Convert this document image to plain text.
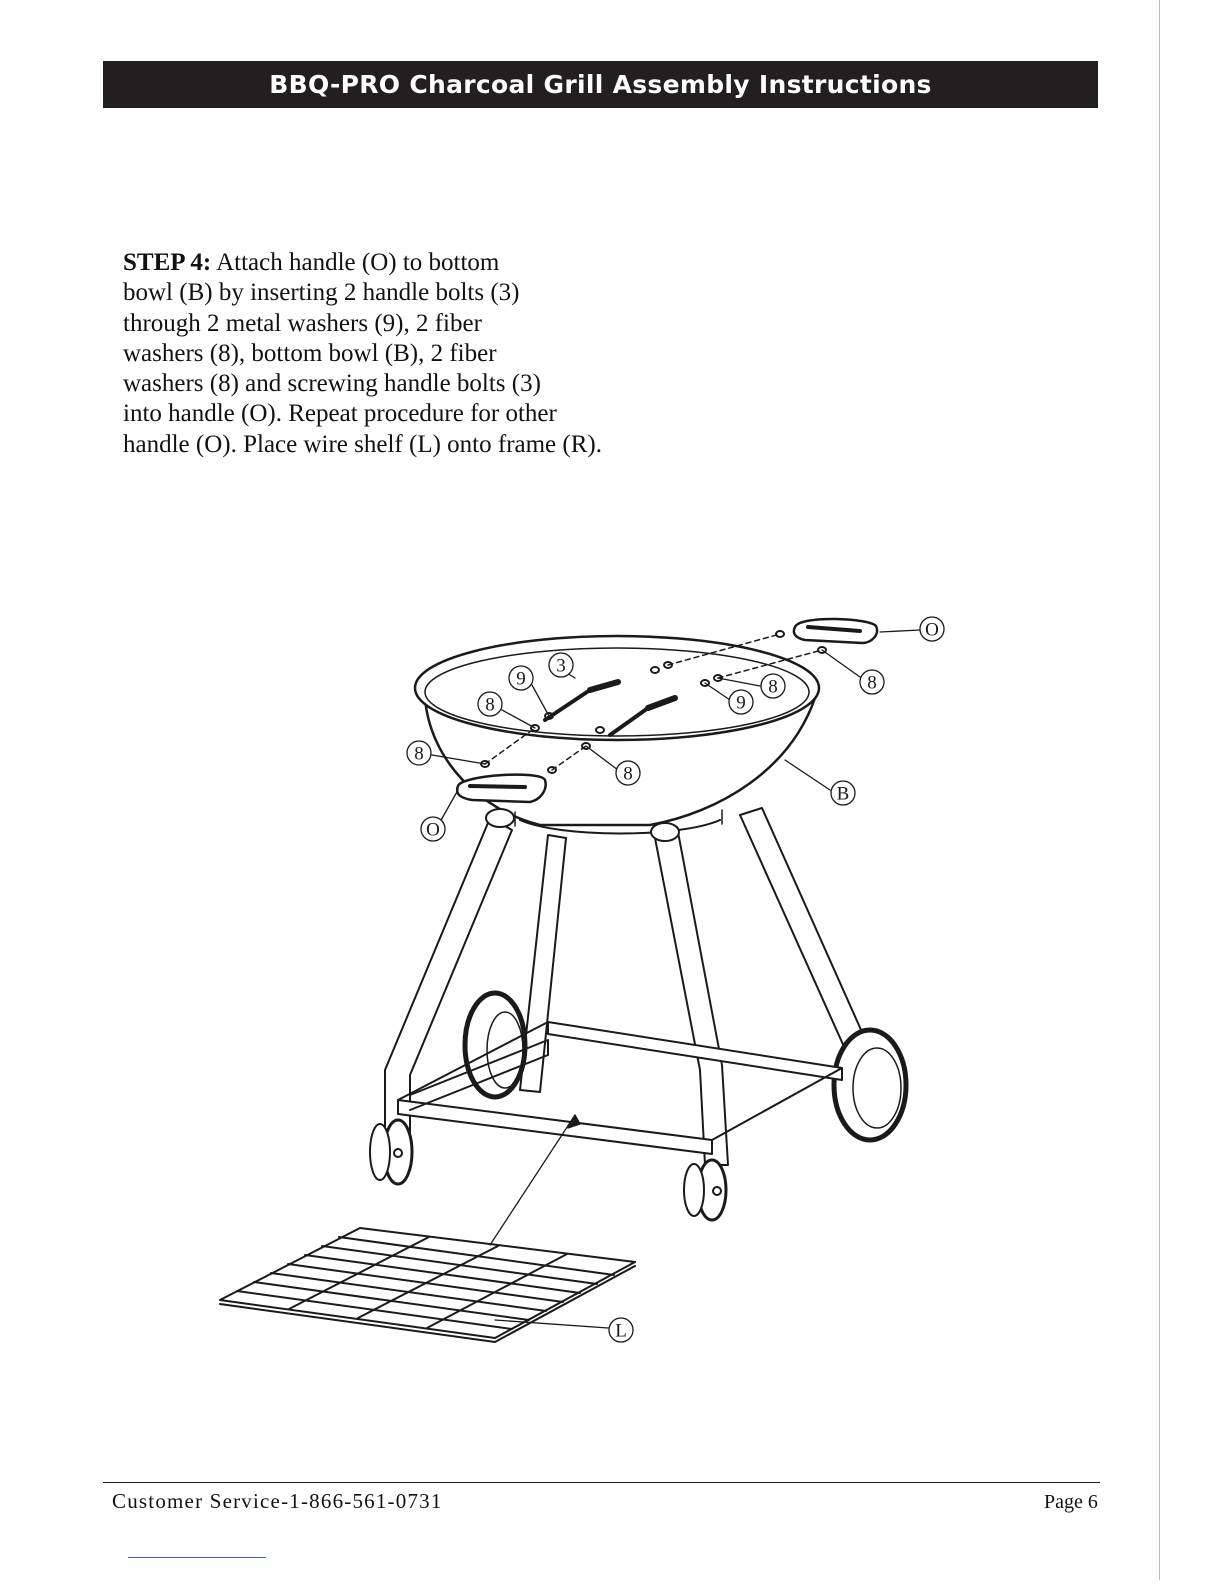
BBQ-PRO Charcoal Grill Assembly Instructions
STEP 4: Attach handle (O) to bottom
bowl (B) by inserting 2 handle bolts (3)
through 2 metal washers (9), 2 fiber
washers (8), bottom bowl (B), 2 fiber
washers (8) and screwing handle bolts (3)
into handle (O). Repeat procedure for other
handle (O). Place wire shelf (L) onto frame (R).
O
8
8
9
3
9
8
8
8
B
O
L
Customer Service-1-866-561-0731	Page 6
